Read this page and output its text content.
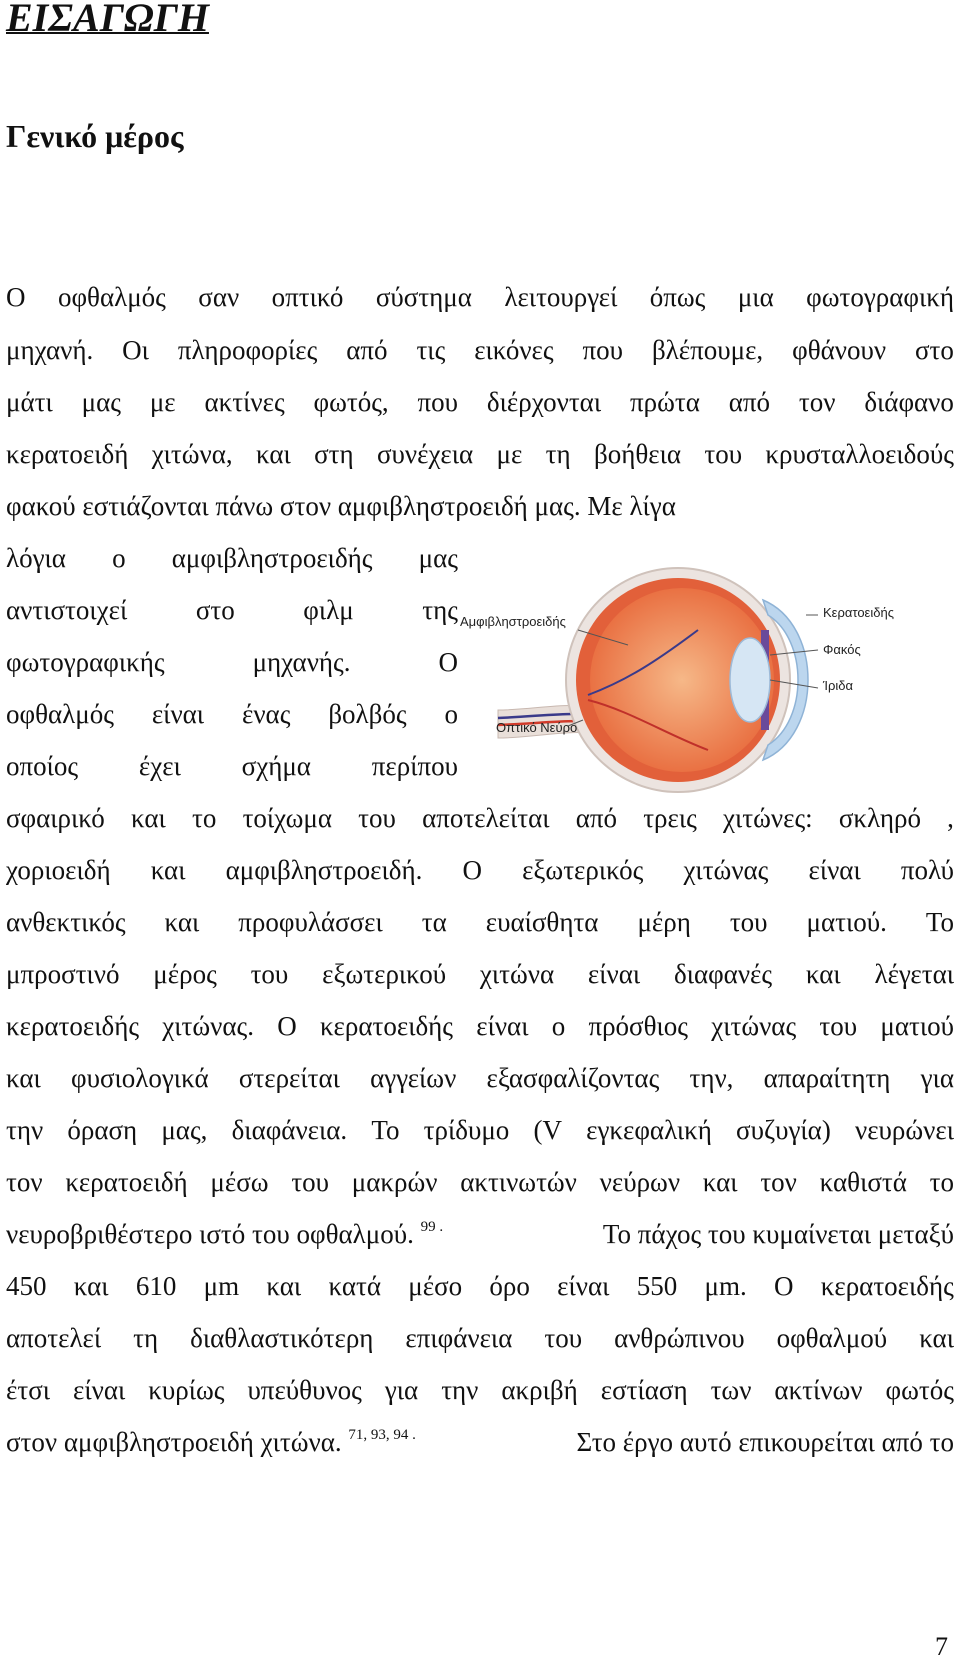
ΕΙΣΑΓΩΓΗ
Γενικό μέρος

Ο οφθαλμός σαν οπτικό σύστημα λειτουργεί όπως μια φωτογραφική

μηχανή. Οι πληροφορίες από τις εικόνες που βλέπουμε, φθάνουν στο

μάτι μας με ακτίνες φωτός, που διέρχονται πρώτα από τον διάφανο

κερατοειδή χιτώνα, και στη συνέχεια με τη βοήθεια του κρυσταλλοειδούς

φακού εστιάζονται πάνω στον αμφιβληστροειδή μας. Με λίγα

λόγια ο αμφιβληστροειδής μας

αντιστοιχεί	στο	φιλμ	της

φωτογραφικής	μηχανής.	Ο

οφθαλμός είναι ένας βολβός ο

οποίος έχει σχήμα περίπου

Αμφιβληστροειδής
Οπτικό Νεύρο
Κερατοειδής
Φακός
Ίριδα

σφαιρικό και το τοίχωμα του αποτελείται από τρεις χιτώνες: σκληρό ,

χοριοειδή και αμφιβληστροειδή. Ο εξωτερικός χιτώνας είναι πολύ

ανθεκτικός και προφυλάσσει τα ευαίσθητα μέρη του ματιού. Το

μπροστινό μέρος του εξωτερικού χιτώνα είναι διαφανές και λέγεται

κερατοειδής χιτώνας. Ο κερατοειδής είναι ο πρόσθιος χιτώνας του ματιού

και φυσιολογικά στερείται αγγείων εξασφαλίζοντας την, απαραίτητη για

την όραση μας, διαφάνεια. Το τρίδυμο (V εγκεφαλική συζυγία) νευρώνει

τον κερατοειδή μέσω του μακρών ακτινωτών νεύρων και τον καθιστά το

νευροβριθέστερο ιστό του οφθαλμού. $^{99 .}$	Το πάχος του κυμαίνεται μεταξύ

450 και 610 μm και κατά μέσο όρο είναι 550 μm. Ο κερατοειδής

αποτελεί τη διαθλαστικότερη επιφάνεια του ανθρώπινου οφθαλμού και

έτσι είναι κυρίως υπεύθυνος για την ακριβή εστίαση των ακτίνων φωτός

στον αμφιβληστροειδή χιτώνα. $^{71, 93, 94 .}$	Στο έργο αυτό επικουρείται από το

7
